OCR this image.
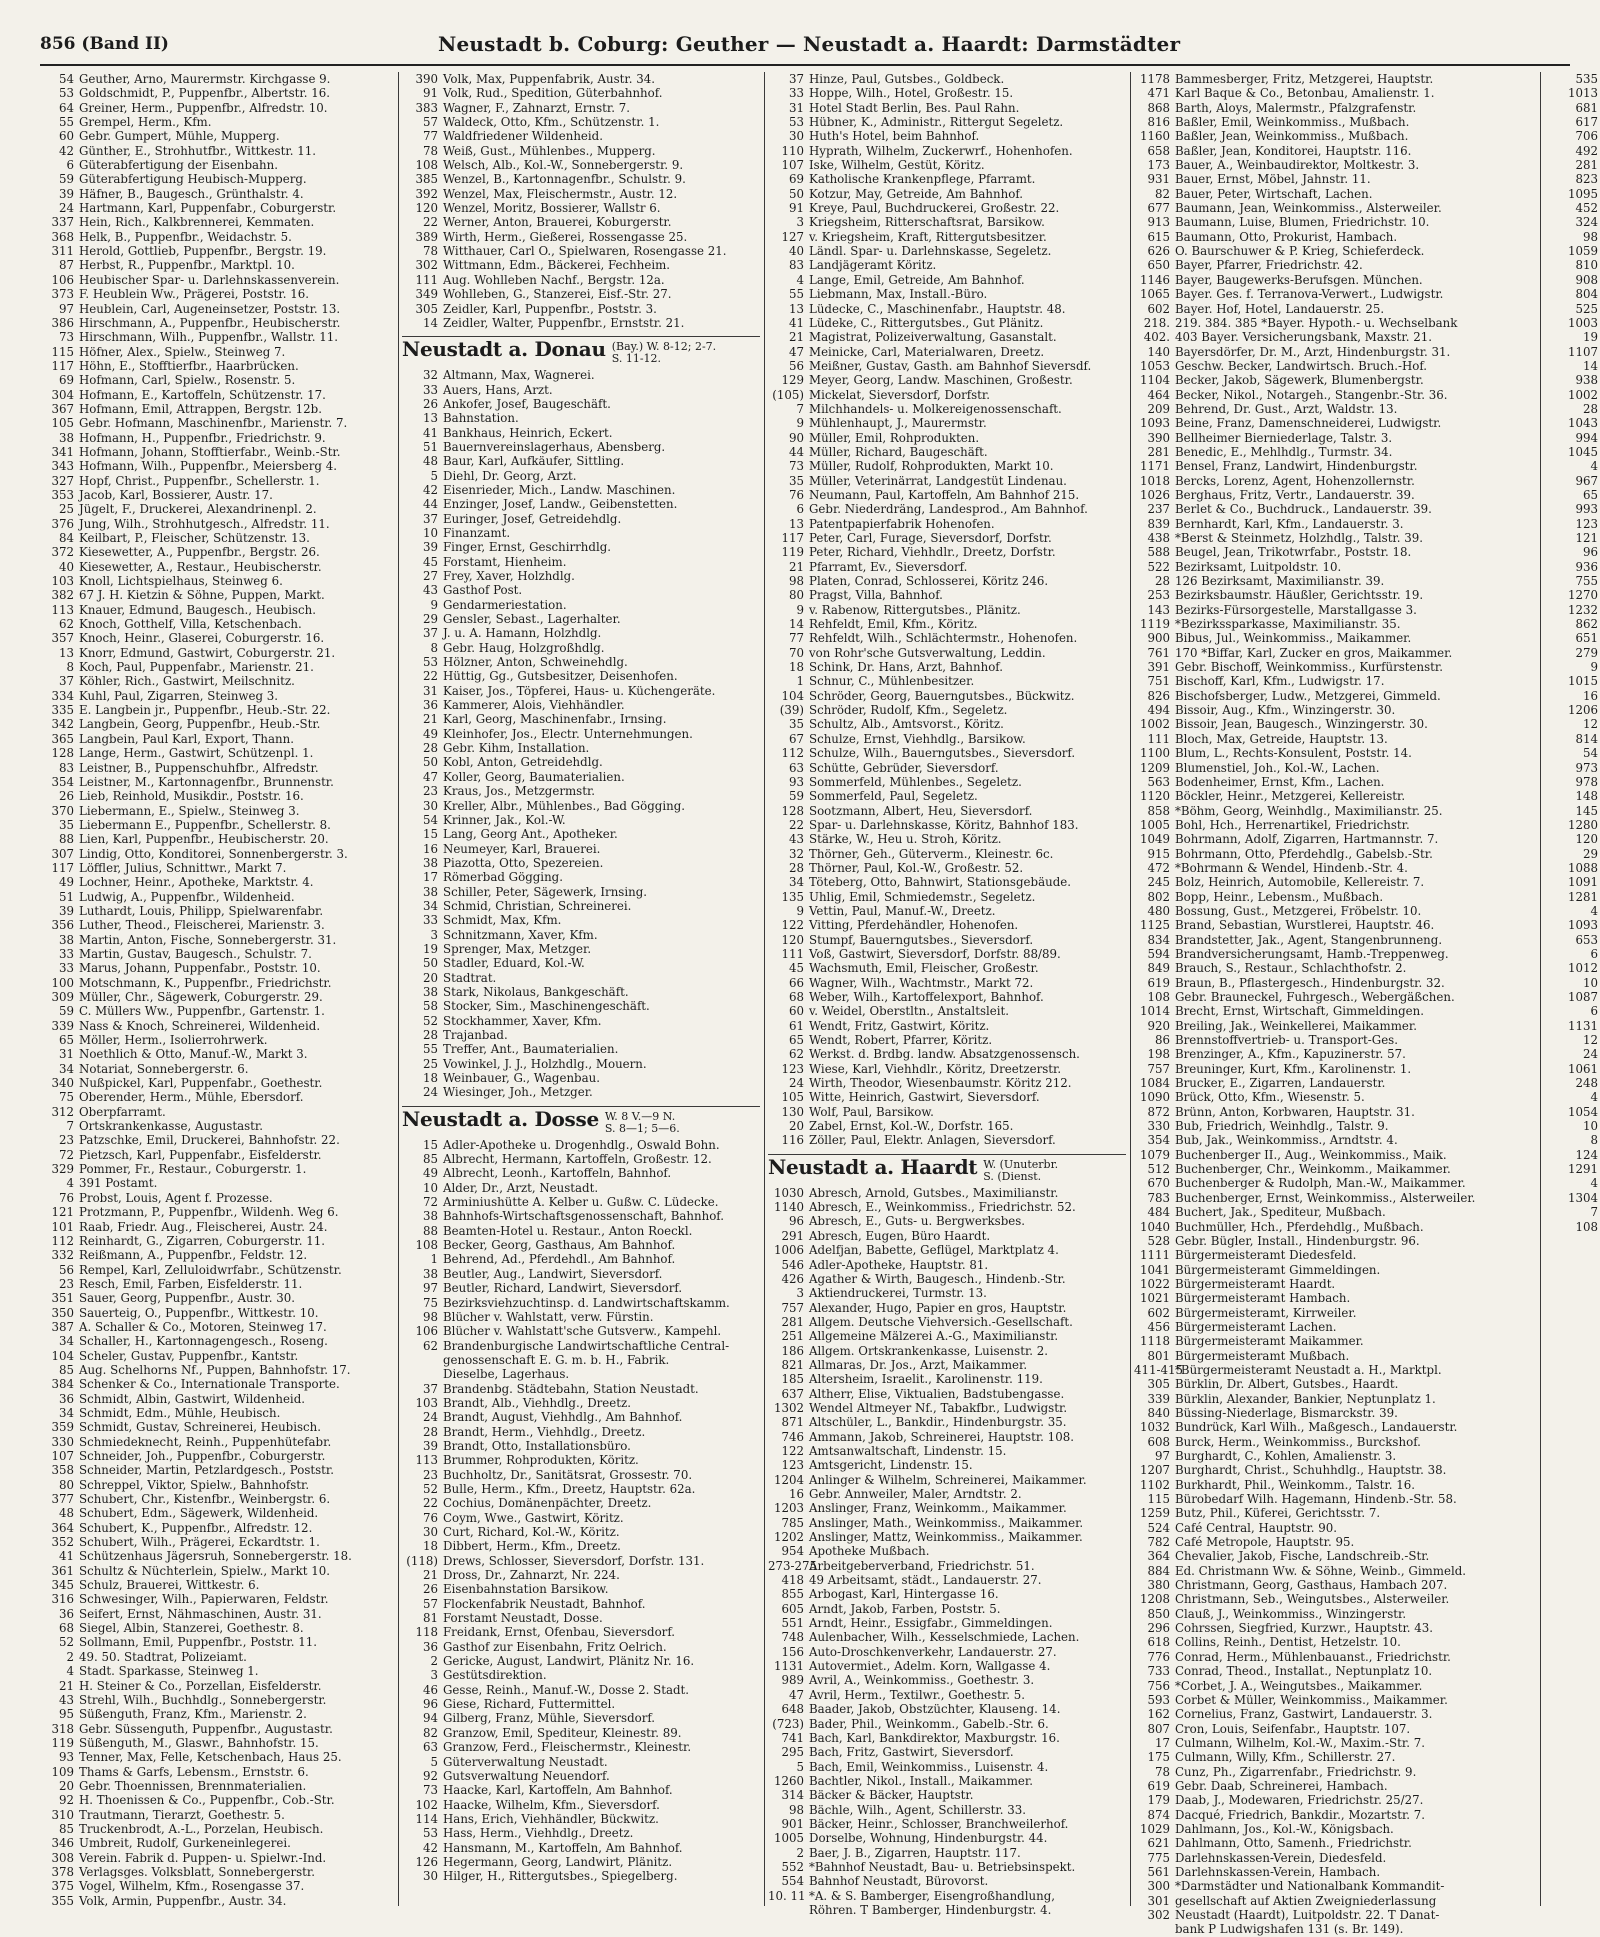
856 (Band II)	Neustadt b. Coburg: Geuther — Neustadt a. Haardt: Darmstädter
54 Geuther, Arno, Maurermstr. Kirchgasse 9.
53 Goldschmidt, P., Puppenfbr., Albertstr. 16.
64 Greiner, Herm., Puppenfbr., Alfredstr. 10.
55 Grempel, Herm., Kfm.
60 Gebr. Gumpert, Mühle, Mupperg.
42 Günther, E., Strohhutfbr., Wittkestr. 11.
6 Güterabfertigung der Eisenbahn.
59 Güterabfertigung Heubisch-Mupperg.
39 Häfner, B., Baugesch., Grünthalstr. 4.
24 Hartmann, Karl, Puppenfabr., Coburgerstr.
337 Hein, Rich., Kalkbrennerei, Kemmaten.
368 Helk, B., Puppenfbr., Weidachstr. 5.
311 Herold, Gottlieb, Puppenfbr., Bergstr. 19.
87 Herbst, R., Puppenfbr., Marktpl. 10.
106 Heubischer Spar- u. Darlehnskassenverein.
373 F. Heublein Ww., Prägerei, Poststr. 16.
97 Heublein, Carl, Augeneinsetzer, Poststr. 13.
386 Hirschmann, A., Puppenfbr., Heubischerstr.
73 Hirschmann, Wilh., Puppenfbr., Wallstr. 11.
115 Höfner, Alex., Spielw., Steinweg 7.
117 Höhn, E., Stofftierfbr., Haarbrücken.
69 Hofmann, Carl, Spielw., Rosenstr. 5.
304 Hofmann, E., Kartoffeln, Schützenstr. 17.
367 Hofmann, Emil, Attrappen, Bergstr. 12b.
105 Gebr. Hofmann, Maschinenfbr., Marienstr. 7.
38 Hofmann, H., Puppenfbr., Friedrichstr. 9.
341 Hofmann, Johann, Stofftierfabr., Weinb.-Str.
343 Hofmann, Wilh., Puppenfbr., Meiersberg 4.
327 Hopf, Christ., Puppenfbr., Schellerstr. 1.
353 Jacob, Karl, Bossierer, Austr. 17.
25 Jügelt, F., Druckerei, Alexandrinenpl. 2.
376 Jung, Wilh., Strohhutgesch., Alfredstr. 11.
84 Keilbart, P., Fleischer, Schützenstr. 13.
372 Kiesewetter, A., Puppenfbr., Bergstr. 26.
40 Kiesewetter, A., Restaur., Heubischerstr.
103 Knoll, Lichtspielhaus, Steinweg 6.
382 67 J. H. Kietzin & Söhne, Puppen, Markt.
113 Knauer, Edmund, Baugesch., Heubisch.
62 Knoch, Gotthelf, Villa, Ketschenbach.
357 Knoch, Heinr., Glaserei, Coburgerstr. 16.
13 Knorr, Edmund, Gastwirt, Coburgerstr. 21.
8 Koch, Paul, Puppenfabr., Marienstr. 21.
37 Köhler, Rich., Gastwirt, Meilschnitz.
334 Kuhl, Paul, Zigarren, Steinweg 3.
335 E. Langbein jr., Puppenfbr., Heub.-Str. 22.
342 Langbein, Georg, Puppenfbr., Heub.-Str.
365 Langbein, Paul Karl, Export, Thann.
128 Lange, Herm., Gastwirt, Schützenpl. 1.
83 Leistner, B., Puppenschuhfbr., Alfredstr.
354 Leistner, M., Kartonnagenfbr., Brunnenstr.
26 Lieb, Reinhold, Musikdir., Poststr. 16.
370 Liebermann, E., Spielw., Steinweg 3.
35 Liebermann E., Puppenfbr., Schellerstr. 8.
88 Lien, Karl, Puppenfbr., Heubischerstr. 20.
307 Lindig, Otto, Konditorei, Sonnenbergerstr. 3.
117 Löffler, Julius, Schnittwr., Markt 7.
49 Lochner, Heinr., Apotheke, Marktstr. 4.
51 Ludwig, A., Puppenfbr., Wildenheid.
39 Luthardt, Louis, Philipp, Spielwarenfabr.
356 Luther, Theod., Fleischerei, Marienstr. 3.
38 Martin, Anton, Fische, Sonnebergerstr. 31.
33 Martin, Gustav, Baugesch., Schulstr. 7.
33 Marus, Johann, Puppenfabr., Poststr. 10.
100 Motschmann, K., Puppenfbr., Friedrichstr.
309 Müller, Chr., Sägewerk, Coburgerstr. 29.
59 C. Müllers Ww., Puppenfbr., Gartenstr. 1.
339 Nass & Knoch, Schreinerei, Wildenheid.
65 Möller, Herm., Isolierrohrwerk.
31 Noethlich & Otto, Manuf.-W., Markt 3.
34 Notariat, Sonnebergerstr. 6.
340 Nußpickel, Karl, Puppenfabr., Goethestr.
75 Oberender, Herm., Mühle, Ebersdorf.
312 Oberpfarramt.
7 Ortskrankenkasse, Augustastr.
23 Patzschke, Emil, Druckerei, Bahnhofstr. 22.
72 Pietzsch, Karl, Puppenfabr., Eisfelderstr.
329 Pommer, Fr., Restaur., Coburgerstr. 1.
4 391 Postamt.
76 Probst, Louis, Agent f. Prozesse.
121 Protzmann, P., Puppenfbr., Wildenh. Weg 6.
101 Raab, Friedr. Aug., Fleischerei, Austr. 24.
112 Reinhardt, G., Zigarren, Coburgerstr. 11.
332 Reißmann, A., Puppenfbr., Feldstr. 12.
56 Rempel, Karl, Zelluloidwrfabr., Schützenstr.
23 Resch, Emil, Farben, Eisfelderstr. 11.
351 Sauer, Georg, Puppenfbr., Austr. 30.
350 Sauerteig, O., Puppenfbr., Wittkestr. 10.
387 A. Schaller & Co., Motoren, Steinweg 17.
34 Schaller, H., Kartonnagengesch., Roseng.
104 Scheler, Gustav, Puppenfbr., Kantstr.
85 Aug. Schelhorns Nf., Puppen, Bahnhofstr. 17.
384 Schenker & Co., Internationale Transporte.
36 Schmidt, Albin, Gastwirt, Wildenheid.
34 Schmidt, Edm., Mühle, Heubisch.
359 Schmidt, Gustav, Schreinerei, Heubisch.
330 Schmiedeknecht, Reinh., Puppenhütefabr.
107 Schneider, Joh., Puppenfbr., Coburgerstr.
358 Schneider, Martin, Petzlardgesch., Poststr.
80 Schreppel, Viktor, Spielw., Bahnhofstr.
377 Schubert, Chr., Kistenfbr., Weinbergstr. 6.
48 Schubert, Edm., Sägewerk, Wildenheid.
364 Schubert, K., Puppenfbr., Alfredstr. 12.
352 Schubert, Wilh., Prägerei, Eckardtstr. 1.
41 Schützenhaus Jägersruh, Sonnebergerstr. 18.
361 Schultz & Nüchterlein, Spielw., Markt 10.
345 Schulz, Brauerei, Wittkestr. 6.
316 Schwesinger, Wilh., Papierwaren, Feldstr.
36 Seifert, Ernst, Nähmaschinen, Austr. 31.
68 Siegel, Albin, Stanzerei, Goethestr. 8.
52 Sollmann, Emil, Puppenfbr., Poststr. 11.
2 49. 50. Stadtrat, Polizeiamt.
4 Stadt. Sparkasse, Steinweg 1.
21 H. Steiner & Co., Porzellan, Eisfelderstr.
43 Strehl, Wilh., Buchhdlg., Sonnebergerstr.
95 Süßenguth, Franz, Kfm., Marienstr. 2.
318 Gebr. Süssenguth, Puppenfbr., Augustastr.
119 Süßenguth, M., Glaswr., Bahnhofstr. 15.
93 Tenner, Max, Felle, Ketschenbach, Haus 25.
109 Thams & Garfs, Lebensm., Ernststr. 6.
20 Gebr. Thoennissen, Brennmaterialien.
92 H. Thoenissen & Co., Puppenfbr., Cob.-Str.
310 Trautmann, Tierarzt, Goethestr. 5.
85 Truckenbrodt, A.-L., Porzelan, Heubisch.
346 Umbreit, Rudolf, Gurkeneinlegerei.
308 Verein. Fabrik d. Puppen- u. Spielwr.-Ind.
378 Verlagsges. Volksblatt, Sonnebergerstr.
375 Vogel, Wilhelm, Kfm., Rosengasse 37.
355 Volk, Armin, Puppenfbr., Austr. 34.
390 Volk, Max, Puppenfabrik, Austr. 34.
91 Volk, Rud., Spedition, Güterbahnhof.
383 Wagner, F., Zahnarzt, Ernstr. 7.
57 Waldeck, Otto, Kfm., Schützenstr. 1.
77 Waldfriedener Wildenheid.
78 Weiß, Gust., Mühlenbes., Mupperg.
108 Welsch, Alb., Kol.-W., Sonnebergerstr. 9.
385 Wenzel, B., Kartonnagenfbr., Schulstr. 9.
392 Wenzel, Max, Fleischermstr., Austr. 12.
120 Wenzel, Moritz, Bossierer, Wallstr 6.
22 Werner, Anton, Brauerei, Koburgerstr.
389 Wirth, Herm., Gießerei, Rossengasse 25.
78 Witthauer, Carl O., Spielwaren, Rosengasse 21.
302 Wittmann, Edm., Bäckerei, Fechheim.
111 Aug. Wohlleben Nachf., Bergstr. 12a.
349 Wohlleben, G., Stanzerei, Eisf.-Str. 27.
305 Zeidler, Karl, Puppenfbr., Poststr. 3.
14 Zeidler, Walter, Puppenfbr., Ernststr. 21.
Neustadt a. Donau (Bay.) W. 8-12; 2-7.
S. 11-12.
32 Altmann, Max, Wagnerei.
33 Auers, Hans, Arzt.
26 Ankofer, Josef, Baugeschäft.
13 Bahnstation.
41 Bankhaus, Heinrich, Eckert.
51 Bauernvereinslagerhaus, Abensberg.
48 Baur, Karl, Aufkäufer, Sittling.
5 Diehl, Dr. Georg, Arzt.
42 Eisenrieder, Mich., Landw. Maschinen.
44 Enzinger, Josef, Landw., Geibenstetten.
37 Euringer, Josef, Getreidehdlg.
10 Finanzamt.
39 Finger, Ernst, Geschirrhdlg.
45 Forstamt, Hienheim.
27 Frey, Xaver, Holzhdlg.
43 Gasthof Post.
9 Gendarmeriestation.
29 Gensler, Sebast., Lagerhalter.
37 J. u. A. Hamann, Holzhdlg.
8 Gebr. Haug, Holzgroßhdlg.
53 Hölzner, Anton, Schweinehdlg.
22 Hüttig, Gg., Gutsbesitzer, Deisenhofen.
31 Kaiser, Jos., Töpferei, Haus- u. Küchengeräte.
36 Kammerer, Alois, Viehhändler.
21 Karl, Georg, Maschinenfabr., Irnsing.
49 Kleinhofer, Jos., Electr. Unternehmungen.
28 Gebr. Kihm, Installation.
50 Kobl, Anton, Getreidehdlg.
47 Koller, Georg, Baumaterialien.
23 Kraus, Jos., Metzgermstr.
30 Kreller, Albr., Mühlenbes., Bad Gögging.
54 Krinner, Jak., Kol.-W.
15 Lang, Georg Ant., Apotheker.
16 Neumeyer, Karl, Brauerei.
38 Piazotta, Otto, Spezereien.
17 Römerbad Gögging.
38 Schiller, Peter, Sägewerk, Irnsing.
34 Schmid, Christian, Schreinerei.
33 Schmidt, Max, Kfm.
3 Schnitzmann, Xaver, Kfm.
19 Sprenger, Max, Metzger.
50 Stadler, Eduard, Kol.-W.
20 Stadtrat.
38 Stark, Nikolaus, Bankgeschäft.
58 Stocker, Sim., Maschinengeschäft.
52 Stockhammer, Xaver, Kfm.
28 Trajanbad.
55 Treffer, Ant., Baumaterialien.
25 Vowinkel, J. J., Holzhdlg., Mouern.
18 Weinbauer, G., Wagenbau.
24 Wiesinger, Joh., Metzger.
Neustadt a. Dosse W. 8 V.—9 N.
S. 8—1; 5—6.
15 Adler-Apotheke u. Drogenhdlg., Oswald Bohn.
85 Albrecht, Hermann, Kartoffeln, Großestr. 12.
49 Albrecht, Leonh., Kartoffeln, Bahnhof.
10 Alder, Dr., Arzt, Neustadt.
72 Arminiushütte A. Kelber u. Gußw. C. Lüdecke.
38 Bahnhofs-Wirtschaftsgenossenschaft, Bahnhof.
88 Beamten-Hotel u. Restaur., Anton Roeckl.
108 Becker, Georg, Gasthaus, Am Bahnhof.
1 Behrend, Ad., Pferdehdl., Am Bahnhof.
38 Beutler, Aug., Landwirt, Sieversdorf.
97 Beutler, Richard, Landwirt, Sieversdorf.
75 Bezirksviehzuchtinsp. d. Landwirtschaftskamm.
98 Blücher v. Wahlstatt, verw. Fürstin.
106 Blücher v. Wahlstatt'sche Gutsverw., Kampehl.
62 Brandenburgische Landwirtschaftliche Central-
genossenschaft E. G. m. b. H., Fabrik.
Dieselbe, Lagerhaus.
37 Brandenbg. Städtebahn, Station Neustadt.
103 Brandt, Alb., Viehhdlg., Dreetz.
24 Brandt, August, Viehhdlg., Am Bahnhof.
28 Brandt, Herm., Viehhdlg., Dreetz.
39 Brandt, Otto, Installationsbüro.
113 Brummer, Rohprodukten, Köritz.
23 Buchholtz, Dr., Sanitätsrat, Grossestr. 70.
52 Bulle, Herm., Kfm., Dreetz, Hauptstr. 62a.
22 Cochius, Domänenpächter, Dreetz.
76 Coym, Wwe., Gastwirt, Köritz.
30 Curt, Richard, Kol.-W., Köritz.
18 Dibbert, Herm., Kfm., Dreetz.
(118) Drews, Schlosser, Sieversdorf, Dorfstr. 131.
21 Dross, Dr., Zahnarzt, Nr. 224.
26 Eisenbahnstation Barsikow.
57 Flockenfabrik Neustadt, Bahnhof.
81 Forstamt Neustadt, Dosse.
118 Freidank, Ernst, Ofenbau, Sieversdorf.
36 Gasthof zur Eisenbahn, Fritz Oelrich.
2 Gericke, August, Landwirt, Plänitz Nr. 16.
3 Gestütsdirektion.
46 Gesse, Reinh., Manuf.-W., Dosse 2. Stadt.
96 Giese, Richard, Futtermittel.
94 Gilberg, Franz, Mühle, Sieversdorf.
82 Granzow, Emil, Spediteur, Kleinestr. 89.
63 Granzow, Ferd., Fleischermstr., Kleinestr.
5 Güterverwaltung Neustadt.
92 Gutsverwaltung Neuendorf.
73 Haacke, Karl, Kartoffeln, Am Bahnhof.
102 Haacke, Wilhelm, Kfm., Sieversdorf.
114 Hans, Erich, Viehhändler, Bückwitz.
53 Hass, Herm., Viehhdlg., Dreetz.
42 Hansmann, M., Kartoffeln, Am Bahnhof.
126 Hegermann, Georg, Landwirt, Plänitz.
30 Hilger, H., Rittergutsbes., Spiegelberg.
37 Hinze, Paul, Gutsbes., Goldbeck.
33 Hoppe, Wilh., Hotel, Großestr. 15.
31 Hotel Stadt Berlin, Bes. Paul Rahn.
53 Hübner, K., Administr., Rittergut Segeletz.
30 Huth's Hotel, beim Bahnhof.
110 Hyprath, Wilhelm, Zuckerwrf., Hohenhofen.
107 Iske, Wilhelm, Gestüt, Köritz.
69 Katholische Krankenpflege, Pfarramt.
50 Kotzur, May, Getreide, Am Bahnhof.
91 Kreye, Paul, Buchdruckerei, Großestr. 22.
3 Kriegsheim, Ritterschaftsrat, Barsikow.
127 v. Kriegsheim, Kraft, Rittergutsbesitzer.
40 Ländl. Spar- u. Darlehnskasse, Segeletz.
83 Landjägeramt Köritz.
4 Lange, Emil, Getreide, Am Bahnhof.
55 Liebmann, Max, Install.-Büro.
13 Lüdecke, C., Maschinenfabr., Hauptstr. 48.
41 Lüdeke, C., Rittergutsbes., Gut Plänitz.
21 Magistrat, Polizeiverwaltung, Gasanstalt.
47 Meinicke, Carl, Materialwaren, Dreetz.
56 Meißner, Gustav, Gasth. am Bahnhof Sieversdf.
129 Meyer, Georg, Landw. Maschinen, Großestr.
(105) Mickelat, Sieversdorf, Dorfstr.
7 Milchhandels- u. Molkereigenossenschaft.
9 Mühlenhaupt, J., Maurermstr.
90 Müller, Emil, Rohprodukten.
44 Müller, Richard, Baugeschäft.
73 Müller, Rudolf, Rohprodukten, Markt 10.
35 Müller, Veterinärrat, Landgestüt Lindenau.
76 Neumann, Paul, Kartoffeln, Am Bahnhof 215.
6 Gebr. Niederdräng, Landesprod., Am Bahnhof.
13 Patentpapierfabrik Hohenofen.
117 Peter, Carl, Furage, Sieversdorf, Dorfstr.
119 Peter, Richard, Viehhdlr., Dreetz, Dorfstr.
21 Pfarramt, Ev., Sieversdorf.
98 Platen, Conrad, Schlosserei, Köritz 246.
80 Pragst, Villa, Bahnhof.
9 v. Rabenow, Rittergutsbes., Plänitz.
14 Rehfeldt, Emil, Kfm., Köritz.
77 Rehfeldt, Wilh., Schlächtermstr., Hohenofen.
70 von Rohr'sche Gutsverwaltung, Leddin.
18 Schink, Dr. Hans, Arzt, Bahnhof.
1 Schnur, C., Mühlenbesitzer.
104 Schröder, Georg, Bauerngutsbes., Bückwitz.
(39) Schröder, Rudolf, Kfm., Segeletz.
35 Schultz, Alb., Amtsvorst., Köritz.
67 Schulze, Ernst, Viehhdlg., Barsikow.
112 Schulze, Wilh., Bauerngutsbes., Sieversdorf.
63 Schütte, Gebrüder, Sieversdorf.
93 Sommerfeld, Mühlenbes., Segeletz.
59 Sommerfeld, Paul, Segeletz.
128 Sootzmann, Albert, Heu, Sieversdorf.
22 Spar- u. Darlehnskasse, Köritz, Bahnhof 183.
43 Stärke, W., Heu u. Stroh, Köritz.
32 Thörner, Geh., Güterverm., Kleinestr. 6c.
28 Thörner, Paul, Kol.-W., Großestr. 52.
34 Töteberg, Otto, Bahnwirt, Stationsgebäude.
135 Uhlig, Emil, Schmiedemstr., Segeletz.
9 Vettin, Paul, Manuf.-W., Dreetz.
122 Vitting, Pferdehändler, Hohenofen.
120 Stumpf, Bauerngutsbes., Sieversdorf.
111 Voß, Gastwirt, Sieversdorf, Dorfstr. 88/89.
45 Wachsmuth, Emil, Fleischer, Großestr.
66 Wagner, Wilh., Wachtmstr., Markt 72.
68 Weber, Wilh., Kartoffelexport, Bahnhof.
60 v. Weidel, Oberstltn., Anstaltsleit.
61 Wendt, Fritz, Gastwirt, Köritz.
65 Wendt, Robert, Pfarrer, Köritz.
62 Werkst. d. Brdbg. landw. Absatzgenossensch.
123 Wiese, Karl, Viehhdlr., Köritz, Dreetzerstr.
24 Wirth, Theodor, Wiesenbaumstr. Köritz 212.
105 Witte, Heinrich, Gastwirt, Sieversdorf.
130 Wolf, Paul, Barsikow.
20 Zabel, Ernst, Kol.-W., Dorfstr. 165.
116 Zöller, Paul, Elektr. Anlagen, Sieversdorf.
Neustadt a. Haardt W. (Unuterbr.
S. (Dienst.
1030 Abresch, Arnold, Gutsbes., Maximilianstr.
1140 Abresch, E., Weinkommiss., Friedrichstr. 52.
96 Abresch, E., Guts- u. Bergwerksbes.
291 Abresch, Eugen, Büro Haardt.
1006 Adelfjan, Babette, Geflügel, Marktplatz 4.
546 Adler-Apotheke, Hauptstr. 81.
426 Agather & Wirth, Baugesch., Hindenb.-Str.
3 Aktiendruckerei, Turmstr. 13.
757 Alexander, Hugo, Papier en gros, Hauptstr.
281 Allgem. Deutsche Viehversich.-Gesellschaft.
251 Allgemeine Mälzerei A.-G., Maximilianstr.
186 Allgem. Ortskrankenkasse, Luisenstr. 2.
821 Allmaras, Dr. Jos., Arzt, Maikammer.
185 Altersheim, Israelit., Karolinenstr. 119.
637 Altherr, Elise, Viktualien, Badstubengasse.
1302 Wendel Altmeyer Nf., Tabakfbr., Ludwigstr.
871 Altschüler, L., Bankdir., Hindenburgstr. 35.
746 Ammann, Jakob, Schreinerei, Hauptstr. 108.
122 Amtsanwaltschaft, Lindenstr. 15.
123 Amtsgericht, Lindenstr. 15.
1204 Anlinger & Wilhelm, Schreinerei, Maikammer.
16 Gebr. Annweiler, Maler, Arndtstr. 2.
1203 Anslinger, Franz, Weinkomm., Maikammer.
785 Anslinger, Math., Weinkommiss., Maikammer.
1202 Anslinger, Mattz, Weinkommiss., Maikammer.
954 Apotheke Mußbach.
273-275Arbeitgeberverband, Friedrichstr. 51.
418 49 Arbeitsamt, städt., Landauerstr. 27.
855 Arbogast, Karl, Hintergasse 16.
605 Arndt, Jakob, Farben, Poststr. 5.
551 Arndt, Heinr., Essigfabr., Gimmeldingen.
748 Aulenbacher, Wilh., Kesselschmiede, Lachen.
156 Auto-Droschkenverkehr, Landauerstr. 27.
1131 Autovermiet., Adelm. Korn, Wallgasse 4.
989 Avril, A., Weinkommiss., Goethestr. 3.
47 Avril, Herm., Textilwr., Goethestr. 5.
648 Baader, Jakob, Obstzüchter, Klauseng. 14.
(723) Bader, Phil., Weinkomm., Gabelb.-Str. 6.
741 Bach, Karl, Bankdirektor, Maxburgstr. 16.
295 Bach, Fritz, Gastwirt, Sieversdorf.
5 Bach, Emil, Weinkommiss., Luisenstr. 4.
1260 Bachtler, Nikol., Install., Maikammer.
314 Bäcker & Bäcker, Hauptstr.
98 Bächle, Wilh., Agent, Schillerstr. 33.
901 Bäcker, Heinr., Schlosser, Branchweilerhof.
1005 Dorselbe, Wohnung, Hindenburgstr. 44.
2 Baer, J. B., Zigarren, Hauptstr. 117.
552 *Bahnhof Neustadt, Bau- u. Betriebsinspekt.
554 Bahnhof Neustadt, Bürovorst.
10. 11 *A. & S. Bamberger, Eisengroßhandlung,
Röhren. T Bamberger, Hindenburgstr. 4.
1178 Bammesberger, Fritz, Metzgerei, Hauptstr.
471 Karl Baque & Co., Betonbau, Amalienstr. 1.
868 Barth, Aloys, Malermstr., Pfalzgrafenstr.
816 Baßler, Emil, Weinkommiss., Mußbach.
1160 Baßler, Jean, Weinkommiss., Mußbach.
658 Baßler, Jean, Konditorei, Hauptstr. 116.
173 Bauer, A., Weinbaudirektor, Moltkestr. 3.
931 Bauer, Ernst, Möbel, Jahnstr. 11.
82 Bauer, Peter, Wirtschaft, Lachen.
677 Baumann, Jean, Weinkommiss., Alsterweiler.
913 Baumann, Luise, Blumen, Friedrichstr. 10.
615 Baumann, Otto, Prokurist, Hambach.
626 O. Baurschuwer & P. Krieg, Schieferdeck.
650 Bayer, Pfarrer, Friedrichstr. 42.
1146 Bayer, Baugewerks-Berufsgen. München.
1065 Bayer. Ges. f. Terranova-Verwert., Ludwigstr.
602 Bayer. Hof, Hotel, Landauerstr. 25.
218. 219. 384. 385 *Bayer. Hypoth.- u. Wechselbank
402. 403 Bayer. Versicherungsbank, Maxstr. 21.
140 Bayersdörfer, Dr. M., Arzt, Hindenburgstr. 31.
1053 Geschw. Becker, Landwirtsch. Bruch.-Hof.
1104 Becker, Jakob, Sägewerk, Blumenbergstr.
464 Becker, Nikol., Notargeh., Stangenbr.-Str. 36.
209 Behrend, Dr. Gust., Arzt, Waldstr. 13.
1093 Beine, Franz, Damenschneiderei, Ludwigstr.
390 Bellheimer Bierniederlage, Talstr. 3.
281 Benedic, E., Mehlhdlg., Turmstr. 34.
1171 Bensel, Franz, Landwirt, Hindenburgstr.
1018 Bercks, Lorenz, Agent, Hohenzollernstr.
1026 Berghaus, Fritz, Vertr., Landauerstr. 39.
237 Berlet & Co., Buchdruck., Landauerstr. 39.
839 Bernhardt, Karl, Kfm., Landauerstr. 3.
438 *Berst & Steinmetz, Holzhdlg., Talstr. 39.
588 Beugel, Jean, Trikotwrfabr., Poststr. 18.
522 Bezirksamt, Luitpoldstr. 10.
28 126 Bezirksamt, Maximilianstr. 39.
253 Bezirksbaumstr. Häußler, Gerichtsstr. 19.
143 Bezirks-Fürsorgestelle, Marstallgasse 3.
1119 *Bezirkssparkasse, Maximilianstr. 35.
900 Bibus, Jul., Weinkommiss., Maikammer.
761 170 *Biffar, Karl, Zucker en gros, Maikammer.
391 Gebr. Bischoff, Weinkommiss., Kurfürstenstr.
751 Bischoff, Karl, Kfm., Ludwigstr. 17.
826 Bischofsberger, Ludw., Metzgerei, Gimmeld.
494 Bissoir, Aug., Kfm., Winzingerstr. 30.
1002 Bissoir, Jean, Baugesch., Winzingerstr. 30.
111 Bloch, Max, Getreide, Hauptstr. 13.
1100 Blum, L., Rechts-Konsulent, Poststr. 14.
1209 Blumenstiel, Joh., Kol.-W., Lachen.
563 Bodenheimer, Ernst, Kfm., Lachen.
1120 Böckler, Heinr., Metzgerei, Kellereistr.
858 *Böhm, Georg, Weinhdlg., Maximilianstr. 25.
1005 Bohl, Hch., Herrenartikel, Friedrichstr.
1049 Bohrmann, Adolf, Zigarren, Hartmannstr. 7.
915 Bohrmann, Otto, Pferdehdlg., Gabelsb.-Str.
472 *Bohrmann & Wendel, Hindenb.-Str. 4.
245 Bolz, Heinrich, Automobile, Kellereistr. 7.
802 Bopp, Heinr., Lebensm., Mußbach.
480 Bossung, Gust., Metzgerei, Fröbelstr. 10.
1125 Brand, Sebastian, Wurstlerei, Hauptstr. 46.
834 Brandstetter, Jak., Agent, Stangenbrunneng.
594 Brandversicherungsamt, Hamb.-Treppenweg.
849 Brauch, S., Restaur., Schlachthofstr. 2.
619 Braun, B., Pflastergesch., Hindenburgstr. 32.
108 Gebr. Brauneckel, Fuhrgesch., Webergäßchen.
1014 Brecht, Ernst, Wirtschaft, Gimmeldingen.
920 Breiling, Jak., Weinkellerei, Maikammer.
86 Brennstoffvertrieb- u. Transport-Ges.
198 Brenzinger, A., Kfm., Kapuzinerstr. 57.
757 Breuninger, Kurt, Kfm., Karolinenstr. 1.
1084 Brucker, E., Zigarren, Landauerstr.
1090 Brück, Otto, Kfm., Wiesenstr. 5.
872 Brünn, Anton, Korbwaren, Hauptstr. 31.
330 Bub, Friedrich, Weinhdlg., Talstr. 9.
354 Bub, Jak., Weinkommiss., Arndtstr. 4.
1079 Buchenberger II., Aug., Weinkommiss., Maik.
512 Buchenberger, Chr., Weinkomm., Maikammer.
670 Buchenberger & Rudolph, Man.-W., Maikammer.
783 Buchenberger, Ernst, Weinkommiss., Alsterweiler.
484 Buchert, Jak., Spediteur, Mußbach.
1040 Buchmüller, Hch., Pferdehdlg., Mußbach.
528 Gebr. Bügler, Install., Hindenburgstr. 96.
1111 Bürgermeisteramt Diedesfeld.
1041 Bürgermeisteramt Gimmeldingen.
1022 Bürgermeisteramt Haardt.
1021 Bürgermeisteramt Hambach.
602 Bürgermeisteramt, Kirrweiler.
456 Bürgermeisteramt Lachen.
1118 Bürgermeisteramt Maikammer.
801 Bürgermeisteramt Mußbach.
411-415*Bürgermeisteramt Neustadt a. H., Marktpl.
305 Bürklin, Dr. Albert, Gutsbes., Haardt.
339 Bürklin, Alexander, Bankier, Neptunplatz 1.
840 Büssing-Niederlage, Bismarckstr. 39.
1032 Bundrück, Karl Wilh., Maßgesch., Landauerstr.
608 Burck, Herm., Weinkommiss., Burckshof.
97 Burghardt, C., Kohlen, Amalienstr. 3.
1207 Burghardt, Christ., Schuhhdlg., Hauptstr. 38.
1102 Burkhardt, Phil., Weinkomm., Talstr. 16.
115 Bürobedarf Wilh. Hagemann, Hindenb.-Str. 58.
1259 Butz, Phil., Küferei, Gerichtsstr. 7.
524 Café Central, Hauptstr. 90.
782 Café Metropole, Hauptstr. 95.
364 Chevalier, Jakob, Fische, Landschreib.-Str.
884 Ed. Christmann Ww. & Söhne, Weinb., Gimmeld.
380 Christmann, Georg, Gasthaus, Hambach 207.
1208 Christmann, Seb., Weingutsbes., Alsterweiler.
850 Clauß, J., Weinkommiss., Winzingerstr.
296 Cohrssen, Siegfried, Kurzwr., Hauptstr. 43.
618 Collins, Reinh., Dentist, Hetzelstr. 10.
776 Conrad, Herm., Mühlenbauanst., Friedrichstr.
733 Conrad, Theod., Installat., Neptunplatz 10.
756 *Corbet, J. A., Weingutsbes., Maikammer.
593 Corbet & Müller, Weinkommiss., Maikammer.
162 Cornelius, Franz, Gastwirt, Landauerstr. 3.
807 Cron, Louis, Seifenfabr., Hauptstr. 107.
17 Culmann, Wilhelm, Kol.-W., Maxim.-Str. 7.
175 Culmann, Willy, Kfm., Schillerstr. 27.
78 Cunz, Ph., Zigarrenfabr., Friedrichstr. 9.
619 Gebr. Daab, Schreinerei, Hambach.
179 Daab, J., Modewaren, Friedrichstr. 25/27.
874 Dacqué, Friedrich, Bankdir., Mozartstr. 7.
1029 Dahlmann, Jos., Kol.-W., Königsbach.
621 Dahlmann, Otto, Samenh., Friedrichstr.
775 Darlehnskassen-Verein, Diedesfeld.
561 Darlehnskassen-Verein, Hambach.
300 *Darmstädter und Nationalbank Kommandit-
301 gesellschaft auf Aktien Zweigniederlassung
302 Neustadt (Haardt), Luitpoldstr. 22. T Danat-
bank P Ludwigshafen 131 (s. Br. 149).
535
1013
681
617
706
492
281
823
1095
452
324
98
1059
810
908
804
525
1003
19
1107
14
938
1002
28
1043
994
1045
4
967
65
993
123
121
96
936
755
1270
1232
862
651
279
9
1015
16
1206
12
814
54
973
978
148
145
1280
120
29
1088
1091
1281
4
1093
653
6
1012
10
1087
6
1131
12
24
1061
248
4
1054
10
8
124
1291
4
1304
7
108
